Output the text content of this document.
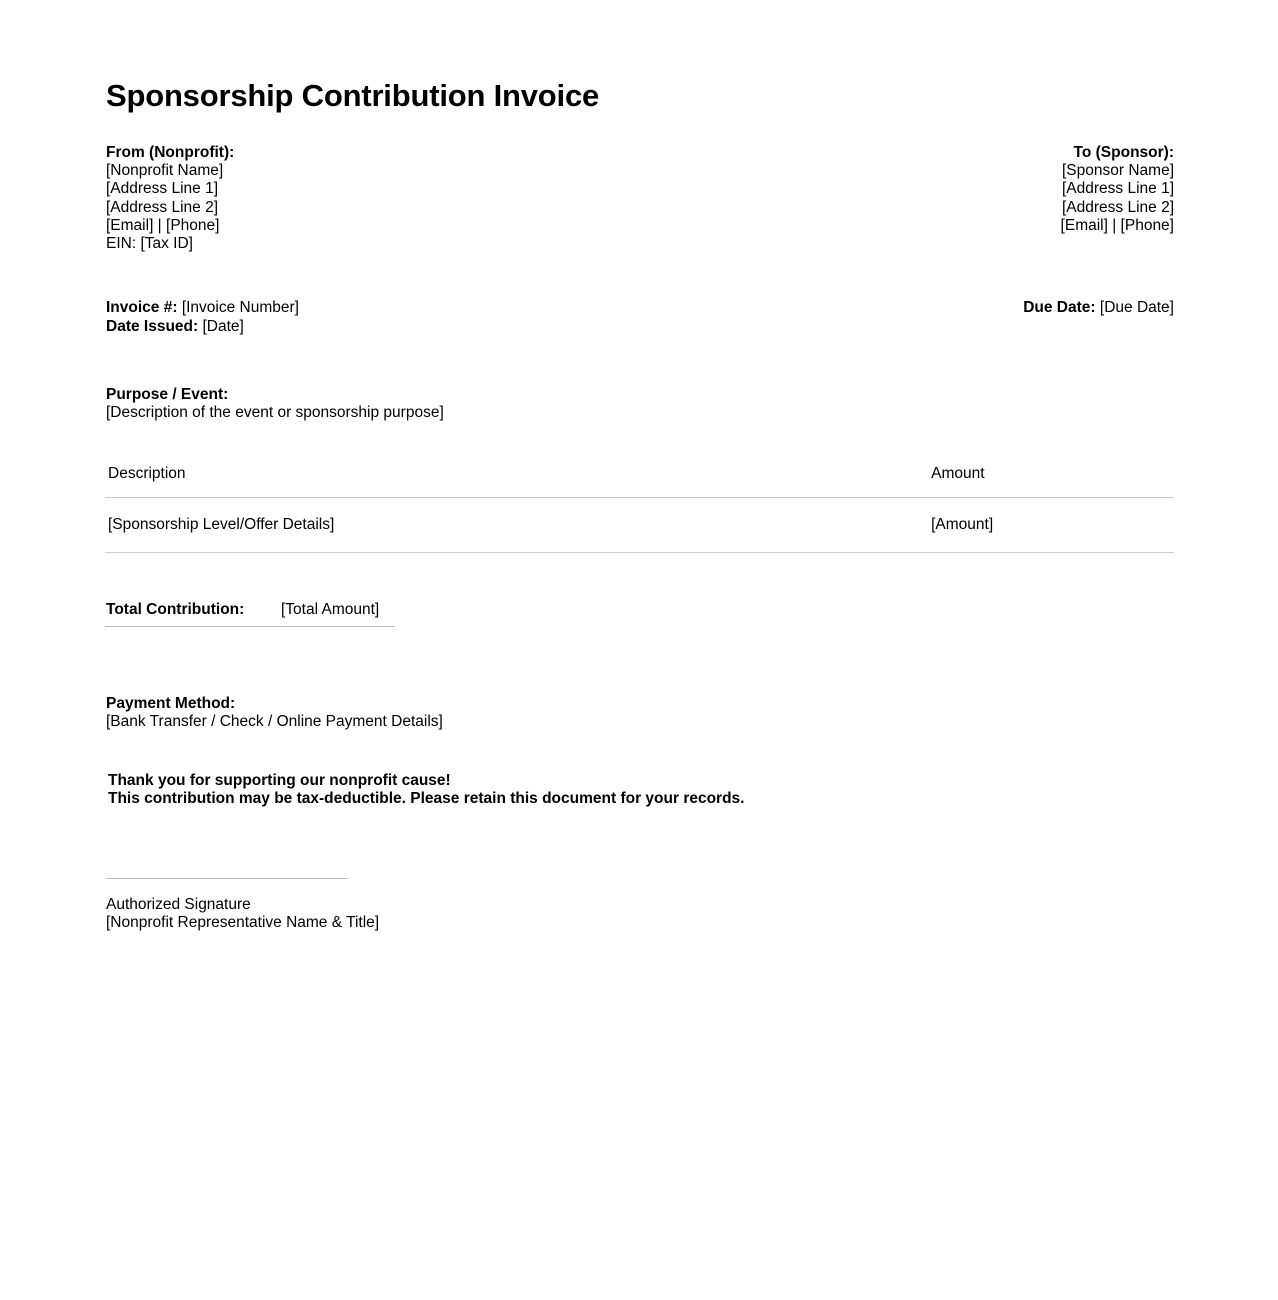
Sponsorship Contribution Invoice
From (Nonprofit):
[Nonprofit Name]
[Address Line 1]
[Address Line 2]
[Email] | [Phone]
EIN: [Tax ID]
To (Sponsor):
[Sponsor Name]
[Address Line 1]
[Address Line 2]
[Email] | [Phone]
Invoice #: [Invoice Number]
Date Issued: [Date]
Due Date: [Due Date]
Purpose / Event:
[Description of the event or sponsorship purpose]
Description	Amount
[Sponsorship Level/Offer Details]	[Amount]
Total Contribution: [Total Amount]
Payment Method:
[Bank Transfer / Check / Online Payment Details]
Thank you for supporting our nonprofit cause!
This contribution may be tax-deductible. Please retain this document for your records.
Authorized Signature
[Nonprofit Representative Name & Title]
